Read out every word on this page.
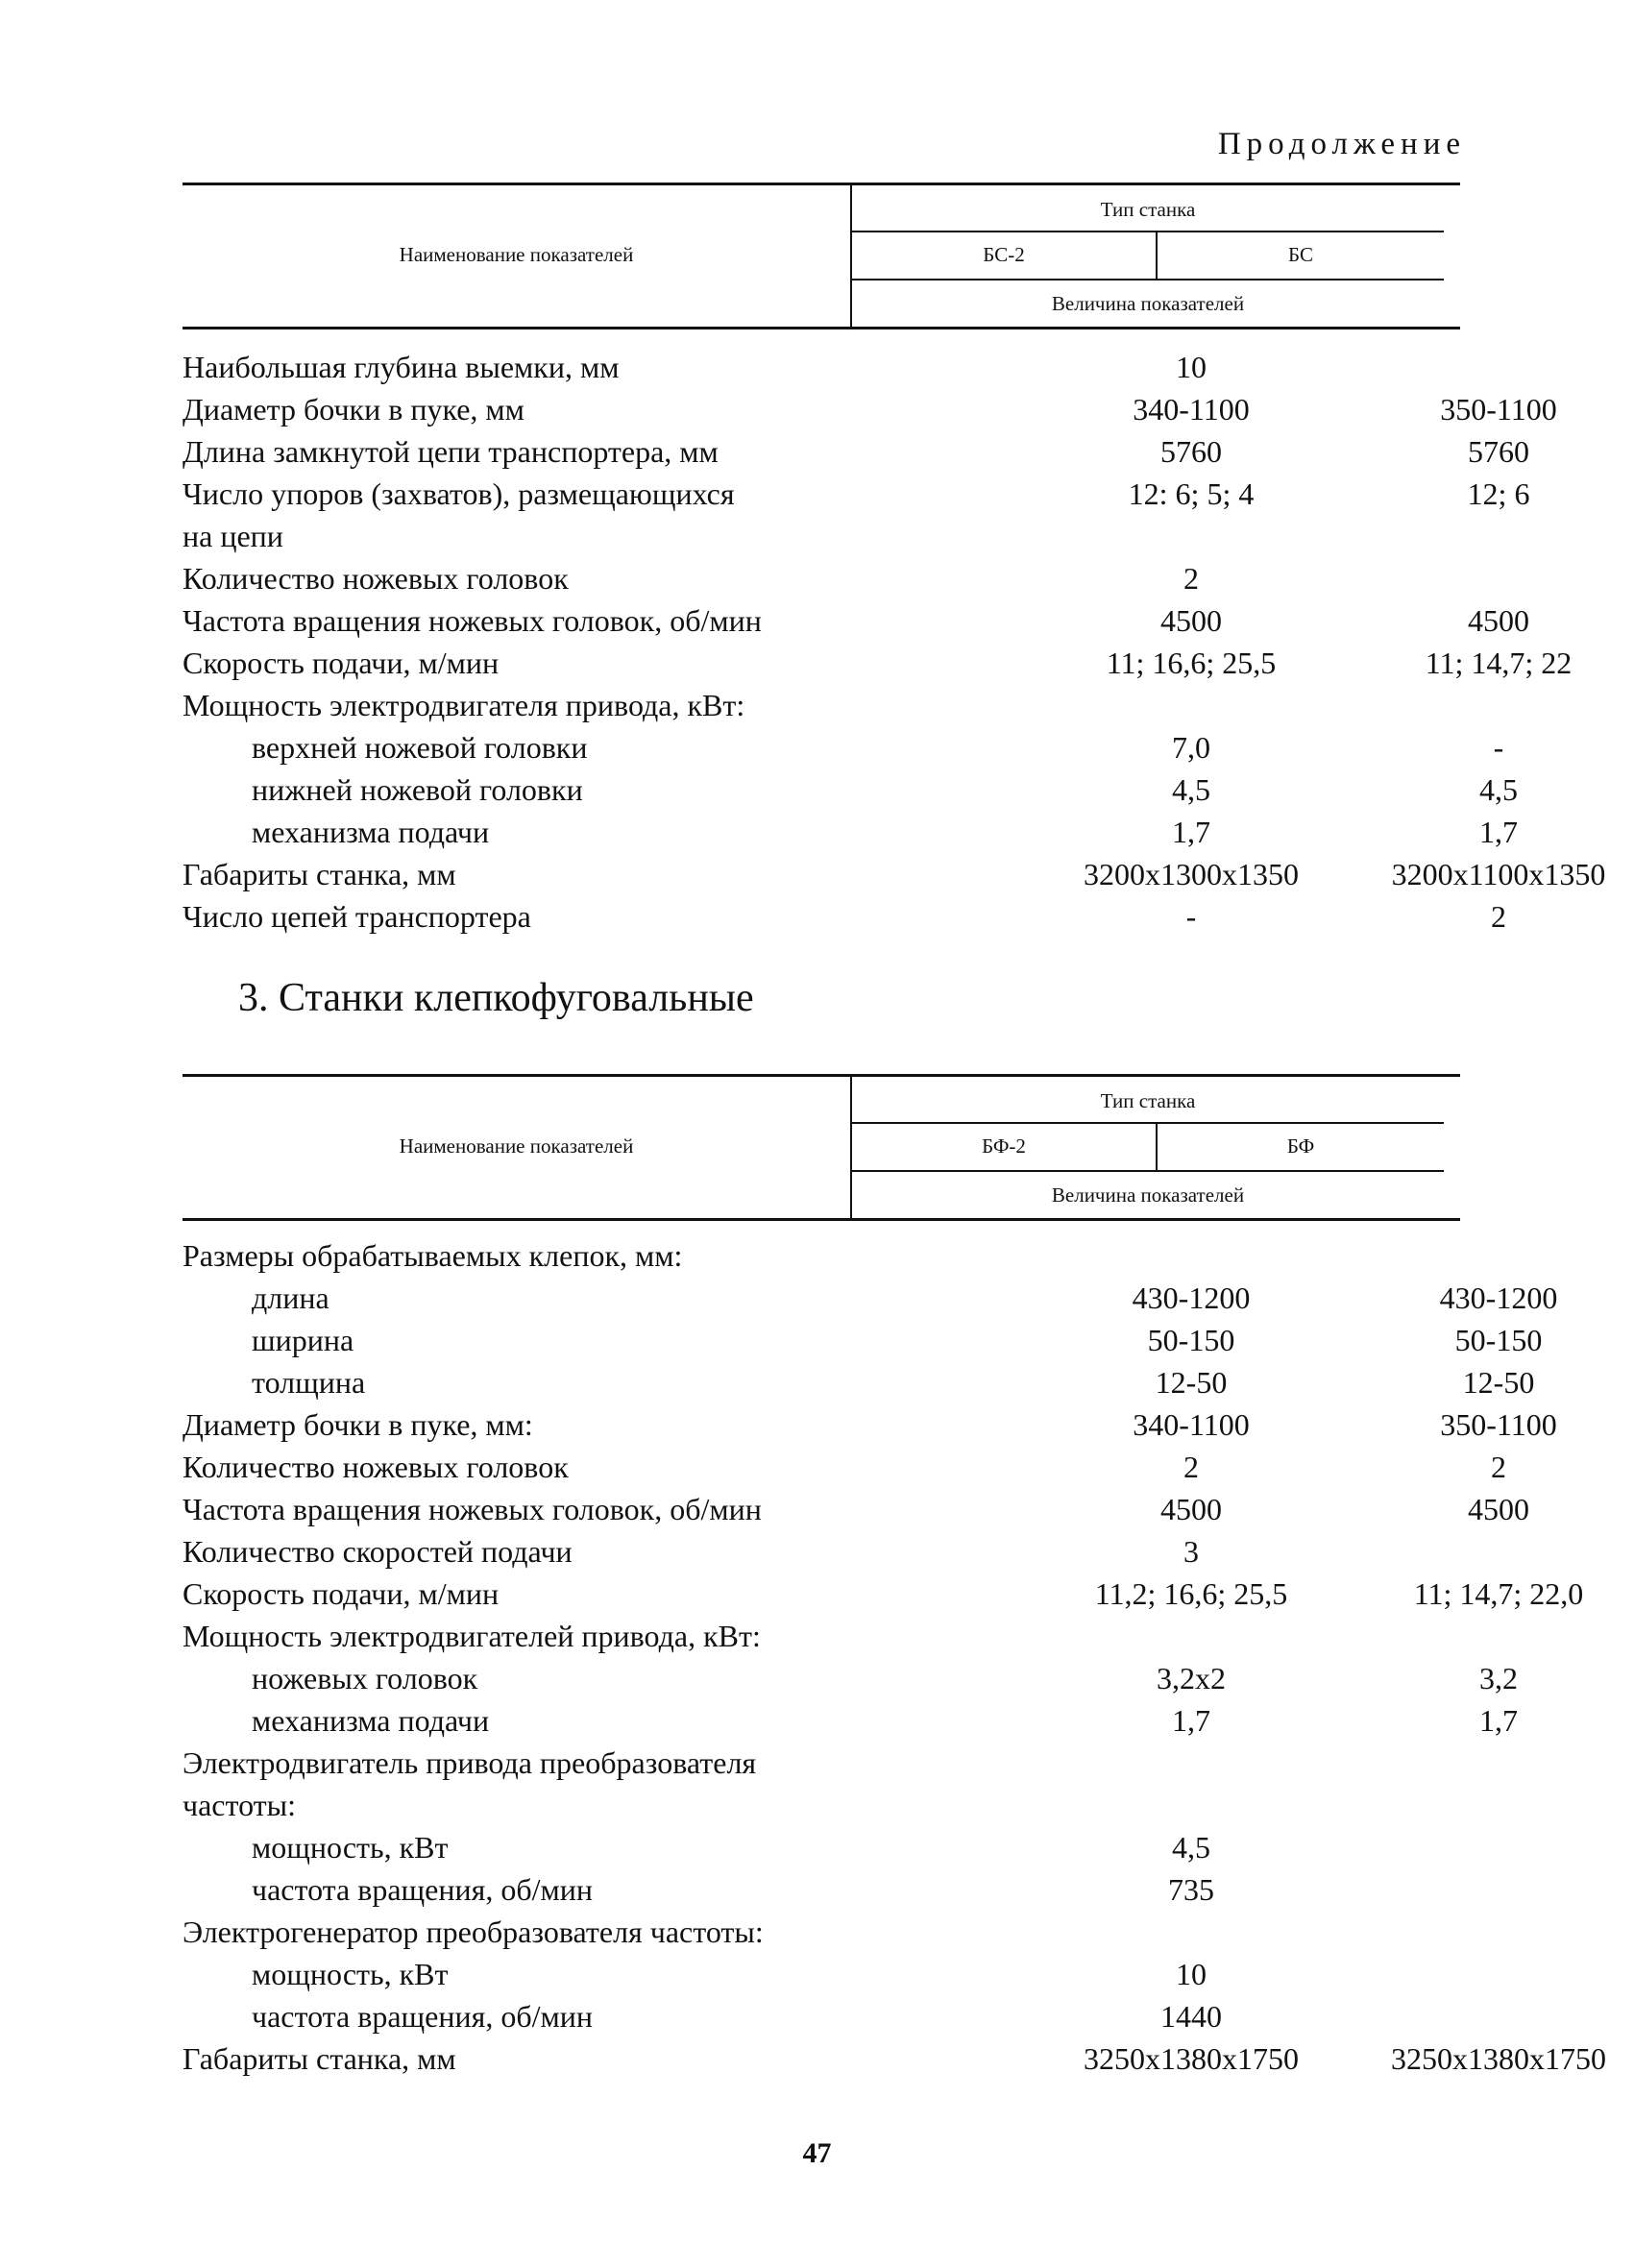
Продолжение
Наименование показателей
Тип станка
БС-2	БС
Величина показателей
Наибольшая глубина выемки, мм	10
Диаметр бочки в пуке, мм	340-1100	350-1100
Длина замкнутой цепи транспортера, мм	5760	5760
Число упоров (захватов), размещающихся	12: 6; 5; 4	12; 6
на цепи
Количество ножевых головок	2
Частота вращения ножевых головок, об/мин	4500	4500
Скорость подачи, м/мин	11; 16,6; 25,5	11; 14,7; 22
Мощность электродвигателя привода, кВт:
верхней ножевой головки	7,0	-
нижней ножевой головки	4,5	4,5
механизма подачи	1,7	1,7
Габариты станка, мм	3200x1300x1350	3200x1100x1350
Число цепей транспортера	-	2
3. Станки клепкофуговальные
Наименование показателей
Тип станка
БФ-2	БФ
Величина показателей
Размеры обрабатываемых клепок, мм:
длина	430-1200	430-1200
ширина	50-150	50-150
толщина	12-50	12-50
Диаметр бочки в пуке, мм:	340-1100	350-1100
Количество ножевых головок	2	2
Частота вращения ножевых головок, об/мин	4500	4500
Количество скоростей подачи	3
Скорость подачи, м/мин	11,2; 16,6; 25,5	11; 14,7; 22,0
Мощность электродвигателей привода, кВт:
ножевых головок	3,2x2	3,2
механизма подачи	1,7	1,7
Электродвигатель привода преобразователя
частоты:
мощность, кВт	4,5
частота вращения, об/мин	735
Электрогенератор преобразователя частоты:
мощность, кВт	10
частота вращения, об/мин	1440
Габариты станка, мм	3250x1380x1750	3250x1380x1750
47
